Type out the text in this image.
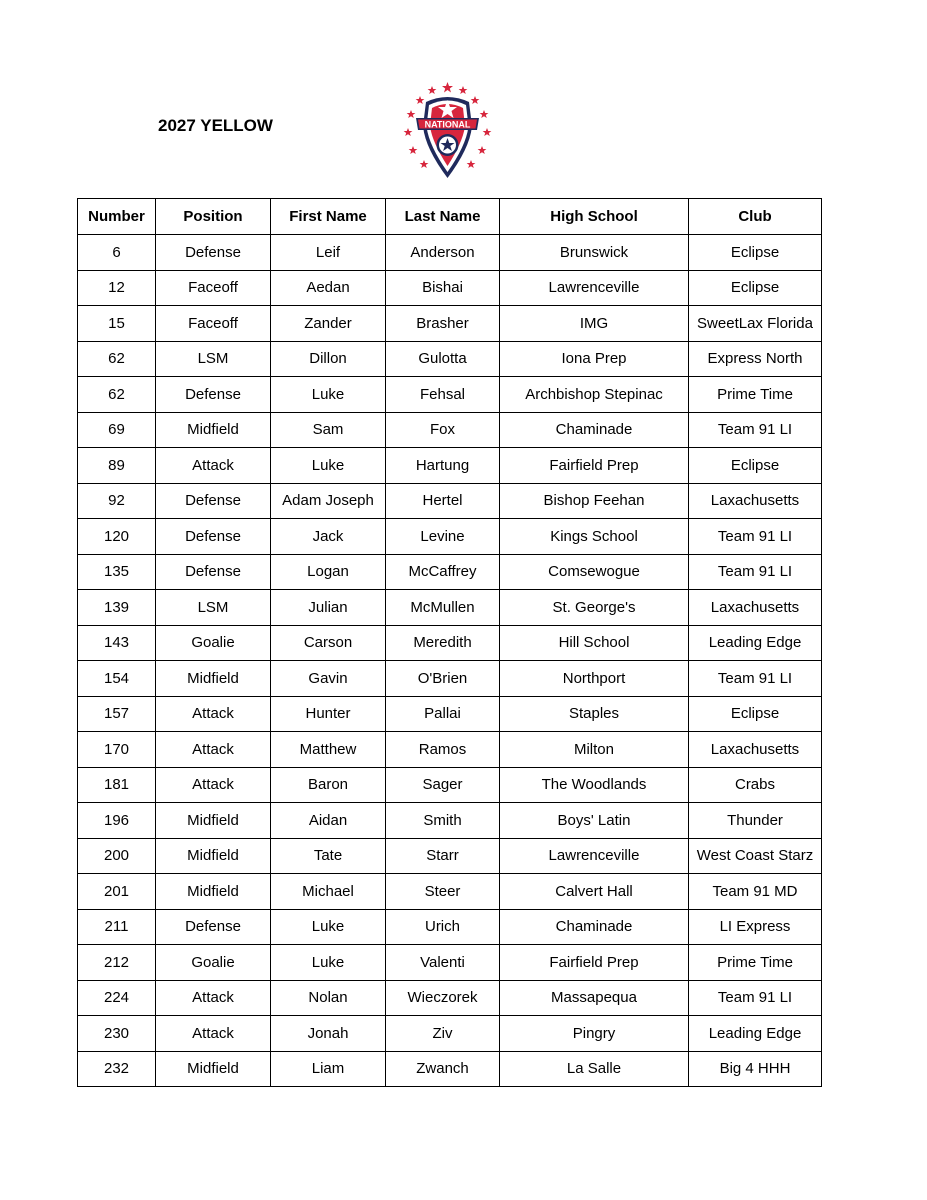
2027 YELLOW	NATIONAL
Number	Position	First Name	Last Name	High School	Club
6	Defense	Leif	Anderson	Brunswick	Eclipse
12	Faceoff	Aedan	Bishai	Lawrenceville	Eclipse
15	Faceoff	Zander	Brasher	IMG	SweetLax Florida
62	LSM	Dillon	Gulotta	Iona Prep	Express North
62	Defense	Luke	Fehsal	Archbishop Stepinac	Prime Time
69	Midfield	Sam	Fox	Chaminade	Team 91 LI
89	Attack	Luke	Hartung	Fairfield Prep	Eclipse
92	Defense	Adam Joseph	Hertel	Bishop Feehan	Laxachusetts
120	Defense	Jack	Levine	Kings School	Team 91 LI
135	Defense	Logan	McCaffrey	Comsewogue	Team 91 LI
139	LSM	Julian	McMullen	St. George's	Laxachusetts
143	Goalie	Carson	Meredith	Hill School	Leading Edge
154	Midfield	Gavin	O'Brien	Northport	Team 91 LI
157	Attack	Hunter	Pallai	Staples	Eclipse
170	Attack	Matthew	Ramos	Milton	Laxachusetts
181	Attack	Baron	Sager	The Woodlands	Crabs
196	Midfield	Aidan	Smith	Boys' Latin	Thunder
200	Midfield	Tate	Starr	Lawrenceville	West Coast Starz
201	Midfield	Michael	Steer	Calvert Hall	Team 91 MD
211	Defense	Luke	Urich	Chaminade	LI Express
212	Goalie	Luke	Valenti	Fairfield Prep	Prime Time
224	Attack	Nolan	Wieczorek	Massapequa	Team 91 LI
230	Attack	Jonah	Ziv	Pingry	Leading Edge
232	Midfield	Liam	Zwanch	La Salle	Big 4 HHH
